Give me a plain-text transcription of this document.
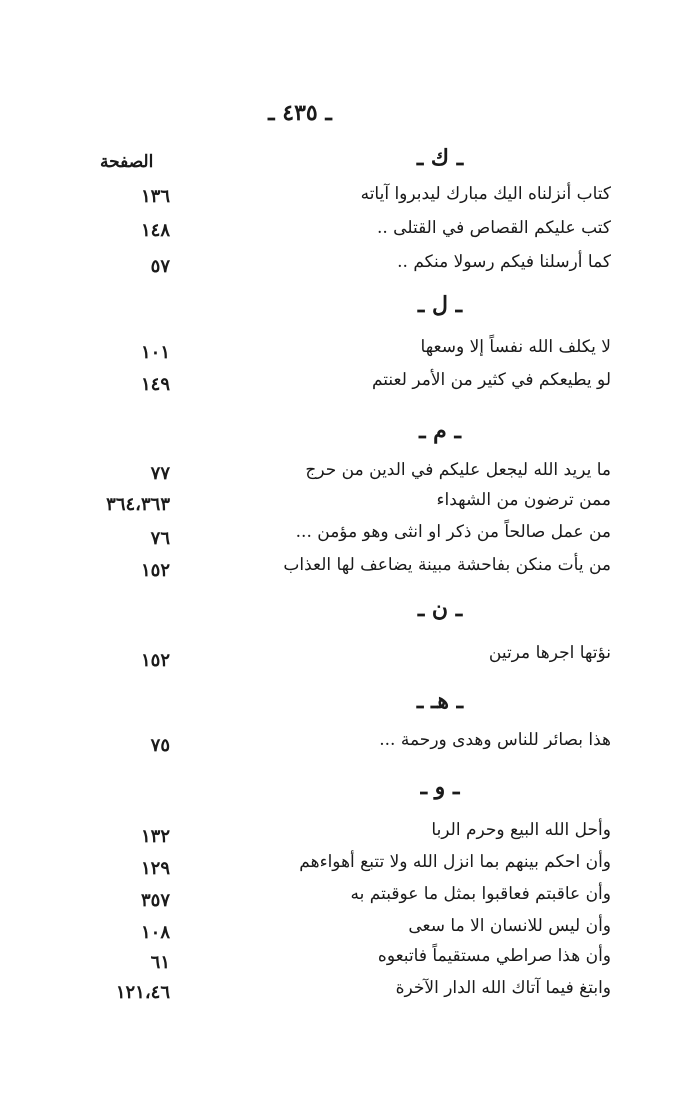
ـ ٤٣٥ ـ
الصفحة	ـ ك ـ
كتاب أنزلناه اليك مبارك ليدبروا آياته
١٣٦
كتب عليكم القصاص في القتلى ..
١٤٨
كما أرسلنا فيكم رسولا منكم ..
٥٧
ـ ل ـ
لا يكلف الله نفساً إلا وسعها
١٠١
لو يطيعكم في كثير من الأمر لعنتم
١٤٩
ـ م ـ
ما يريد الله ليجعل عليكم في الدين من حرج
٧٧
ممن ترضون من الشهداء
٣٦٤،٣٦٣
من عمل صالحاً من ذكر او انثى وهو مؤمن ...
٧٦
من يأت منكن بفاحشة مبينة يضاعف لها العذاب
١٥٢
ـ ن ـ
نؤتها اجرها مرتين
١٥٢
ـ هـ ـ
هذا بصائر للناس وهدى ورحمة ...
٧٥
ـ و ـ
وأحل الله البيع وحرم الربا
١٣٢
وأن احكم بينهم بما انزل الله ولا تتبع أهواءهم
١٢٩
وأن عاقبتم فعاقبوا بمثل ما عوقبتم به
٣٥٧
وأن ليس للانسان الا ما سعى
١٠٨
وأن هذا صراطي مستقيماً فاتبعوه
٦١
وابتغ فيما آتاك الله الدار الآخرة
١٢١،٤٦
